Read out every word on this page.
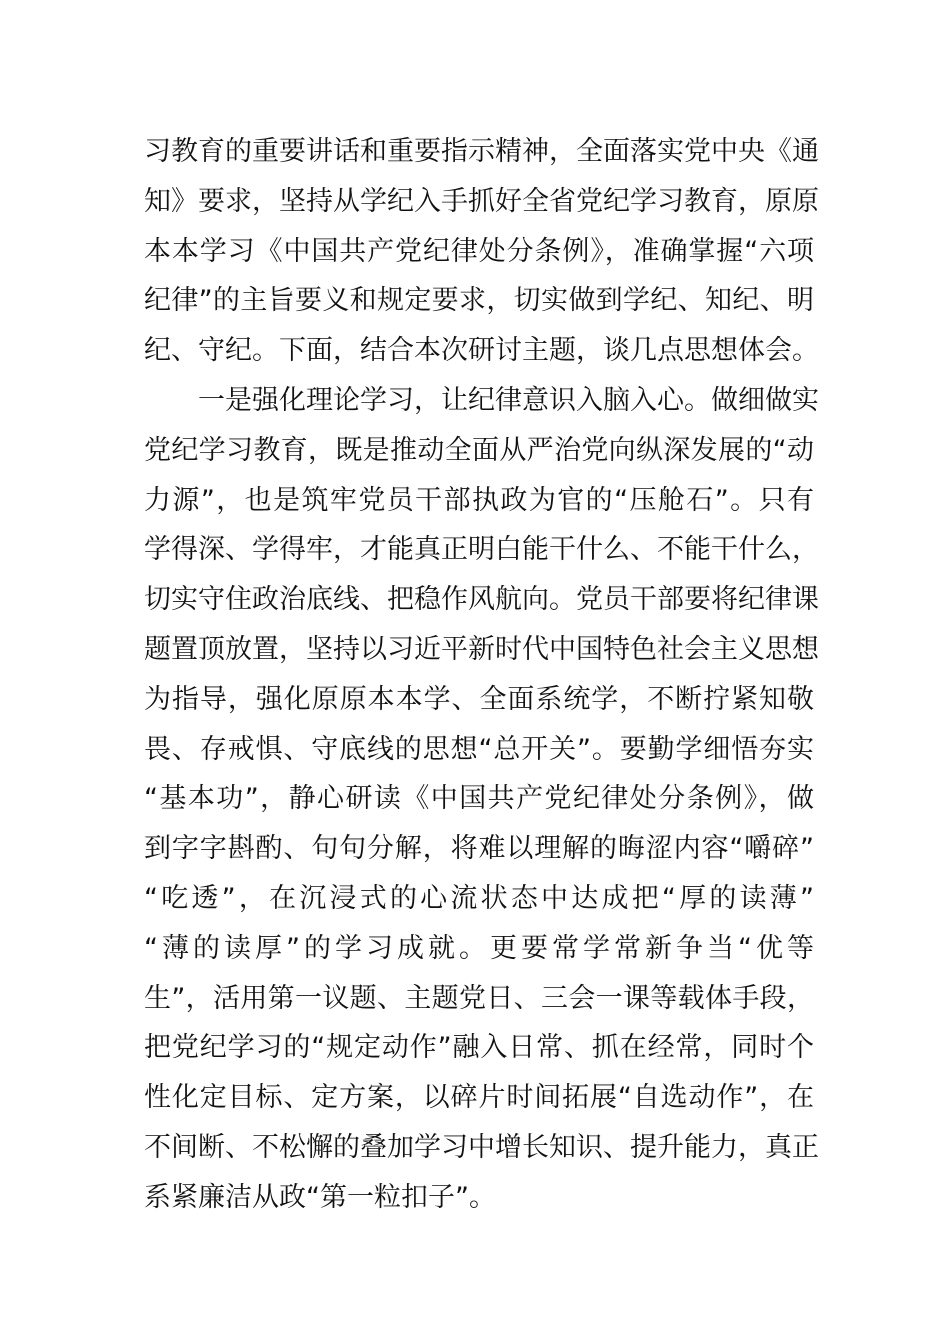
习教育的重要讲话和重要指示精神，全面落实党中央《通
知》要求，坚持从学纪入手抓好全省党纪学习教育，原原
本本学习《中国共产党纪律处分条例》，准确掌握“六项
纪律”的主旨要义和规定要求，切实做到学纪、知纪、明
纪、守纪。下面，结合本次研讨主题，谈几点思想体会。
　　一是强化理论学习，让纪律意识入脑入心。做细做实
党纪学习教育，既是推动全面从严治党向纵深发展的“动
力源”，也是筑牢党员干部执政为官的“压舱石”。只有
学得深、学得牢，才能真正明白能干什么、不能干什么，
切实守住政治底线、把稳作风航向。党员干部要将纪律课
题置顶放置，坚持以习近平新时代中国特色社会主义思想
为指导，强化原原本本学、全面系统学，不断拧紧知敬
畏、存戒惧、守底线的思想“总开关”。要勤学细悟夯实
“基本功”，静心研读《中国共产党纪律处分条例》，做
到字字斟酌、句句分解，将难以理解的晦涩内容“嚼碎”
“吃透”，在沉浸式的心流状态中达成把“厚的读薄”
“薄的读厚”的学习成就。更要常学常新争当“优等
生”，活用第一议题、主题党日、三会一课等载体手段，
把党纪学习的“规定动作”融入日常、抓在经常，同时个
性化定目标、定方案，以碎片时间拓展“自选动作”，在
不间断、不松懈的叠加学习中增长知识、提升能力，真正
系紧廉洁从政“第一粒扣子”。
